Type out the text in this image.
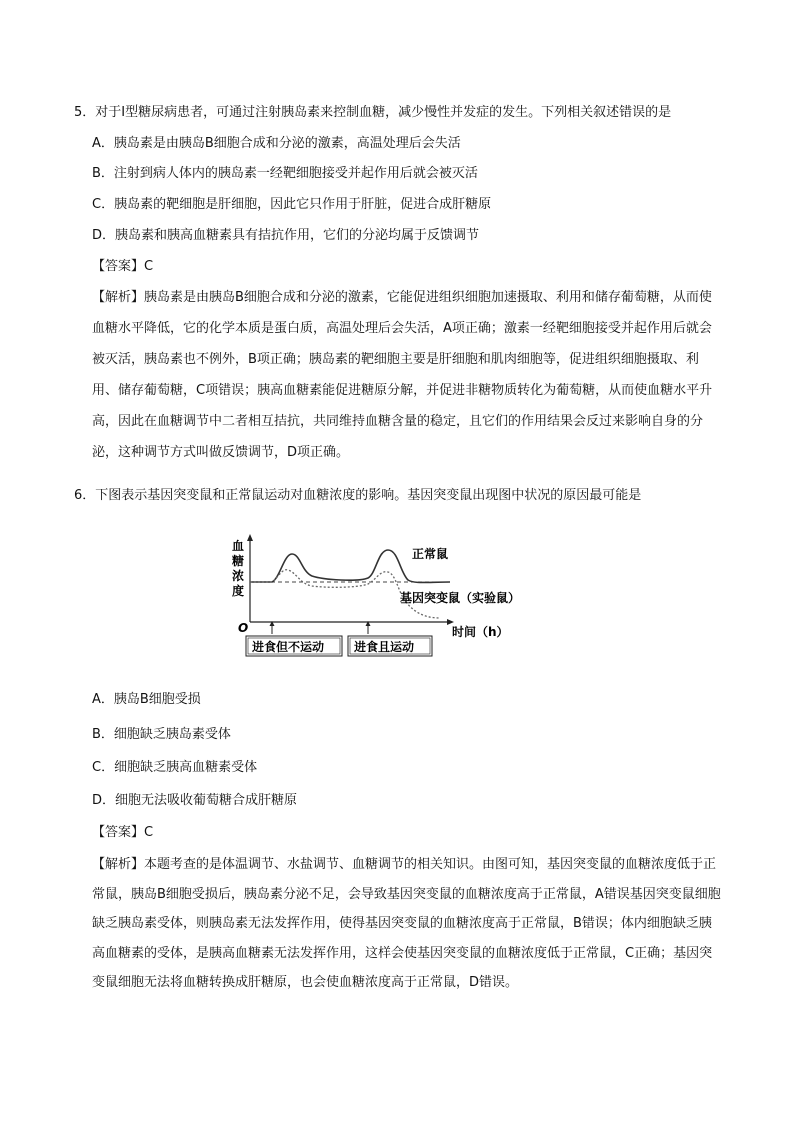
5．对于Ⅰ型糖尿病患者，可通过注射胰岛素来控制血糖，减少慢性并发症的发生。下列相关叙述错误的是
A．胰岛素是由胰岛B细胞合成和分泌的激素，高温处理后会失活
B．注射到病人体内的胰岛素一经靶细胞接受并起作用后就会被灭活
C．胰岛素的靶细胞是肝细胞，因此它只作用于肝脏，促进合成肝糖原
D．胰岛素和胰高血糖素具有拮抗作用，它们的分泌均属于反馈调节
【答案】C
【解析】胰岛素是由胰岛B细胞合成和分泌的激素，它能促进组织细胞加速摄取、利用和储存葡萄糖，从而使血糖水平降低，它的化学本质是蛋白质，高温处理后会失活，A项正确；激素一经靶细胞接受并起作用后就会被灭活，胰岛素也不例外，B项正确；胰岛素的靶细胞主要是肝细胞和肌肉细胞等，促进组织细胞摄取、利用、储存葡萄糖，C项错误；胰高血糖素能促进糖原分解，并促进非糖物质转化为葡萄糖，从而使血糖水平升高，因此在血糖调节中二者相互拮抗，共同维持血糖含量的稳定，且它们的作用结果会反过来影响自身的分泌，这种调节方式叫做反馈调节，D项正确。
6．下图表示基因突变鼠和正常鼠运动对血糖浓度的影响。基因突变鼠出现图中状况的原因最可能是
血
糖
浓
度
O	时间（h）
正常鼠
基因突变鼠（实验鼠）
进食但不运动 进食且运动
A．胰岛B细胞受损
B．细胞缺乏胰岛素受体
C．细胞缺乏胰高血糖素受体
D．细胞无法吸收葡萄糖合成肝糖原
【答案】C
【解析】本题考查的是体温调节、水盐调节、血糖调节的相关知识。由图可知，基因突变鼠的血糖浓度低于正常鼠，胰岛B细胞受损后，胰岛素分泌不足，会导致基因突变鼠的血糖浓度高于正常鼠，A错误基因突变鼠细胞缺乏胰岛素受体，则胰岛素无法发挥作用，使得基因突变鼠的血糖浓度高于正常鼠，B错误；体内细胞缺乏胰高血糖素的受体，是胰高血糖素无法发挥作用，这样会使基因突变鼠的血糖浓度低于正常鼠，C正确；基因突变鼠细胞无法将血糖转换成肝糖原，也会使血糖浓度高于正常鼠，D错误。
